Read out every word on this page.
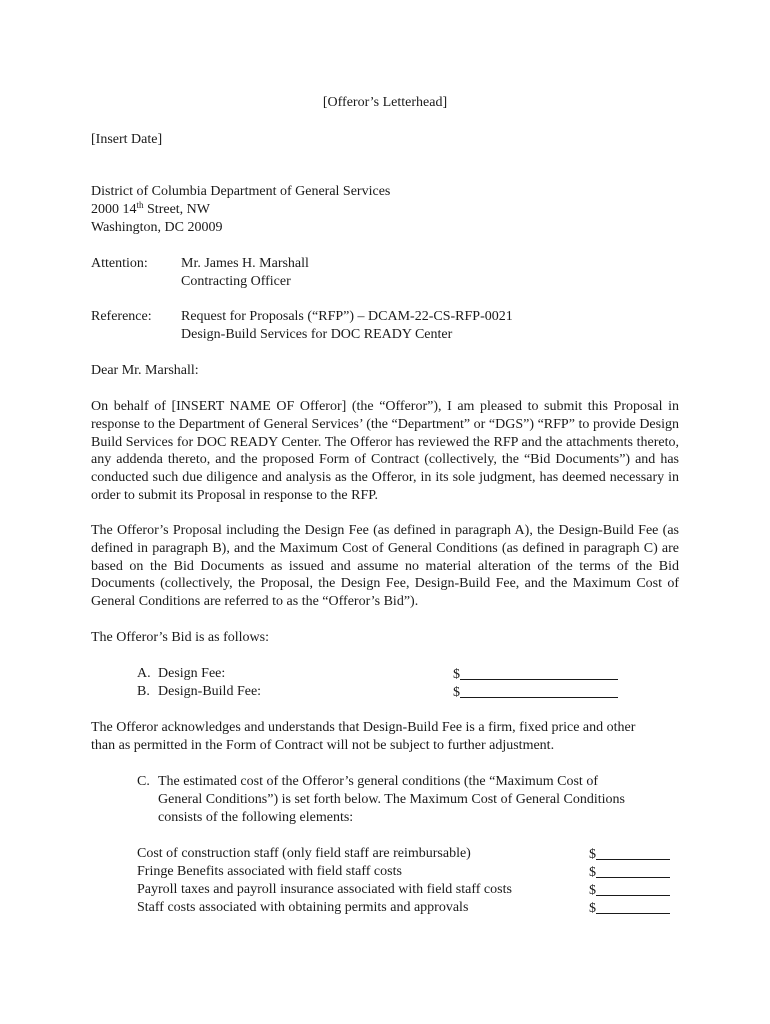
[Offeror’s Letterhead]
[Insert Date]
District of Columbia Department of General Services
2000 14th Street, NW
Washington, DC 20009
Attention: Mr. James H. Marshall
Contracting Officer
Reference: Request for Proposals (“RFP”) – DCAM-22-CS-RFP-0021
Design-Build Services for DOC READY Center
Dear Mr. Marshall:
On behalf of [INSERT NAME OF Offeror] (the “Offeror”), I am pleased to submit this Proposal in response to the Department of General Services’ (the “Department” or “DGS”) “RFP” to provide Design Build Services for DOC READY Center. The Offeror has reviewed the RFP and the attachments thereto, any addenda thereto, and the proposed Form of Contract (collectively, the “Bid Documents”) and has conducted such due diligence and analysis as the Offeror, in its sole judgment, has deemed necessary in order to submit its Proposal in response to the RFP.
The Offeror’s Proposal including the Design Fee (as defined in paragraph A), the Design-Build Fee (as defined in paragraph B), and the Maximum Cost of General Conditions (as defined in paragraph C) are based on the Bid Documents as issued and assume no material alteration of the terms of the Bid Documents (collectively, the Proposal, the Design Fee, Design-Build Fee, and the Maximum Cost of General Conditions are referred to as the “Offeror’s Bid”).
The Offeror’s Bid is as follows:
A. Design Fee:	$
B. Design-Build Fee:	$
The Offeror acknowledges and understands that Design-Build Fee is a firm, fixed price and other
than as permitted in the Form of Contract will not be subject to further adjustment.
C. The estimated cost of the Offeror’s general conditions (the “Maximum Cost of
General Conditions”) is set forth below. The Maximum Cost of General Conditions
consists of the following elements:
Cost of construction staff (only field staff are reimbursable)	$
Fringe Benefits associated with field staff costs	$
Payroll taxes and payroll insurance associated with field staff costs	$
Staff costs associated with obtaining permits and approvals	$
